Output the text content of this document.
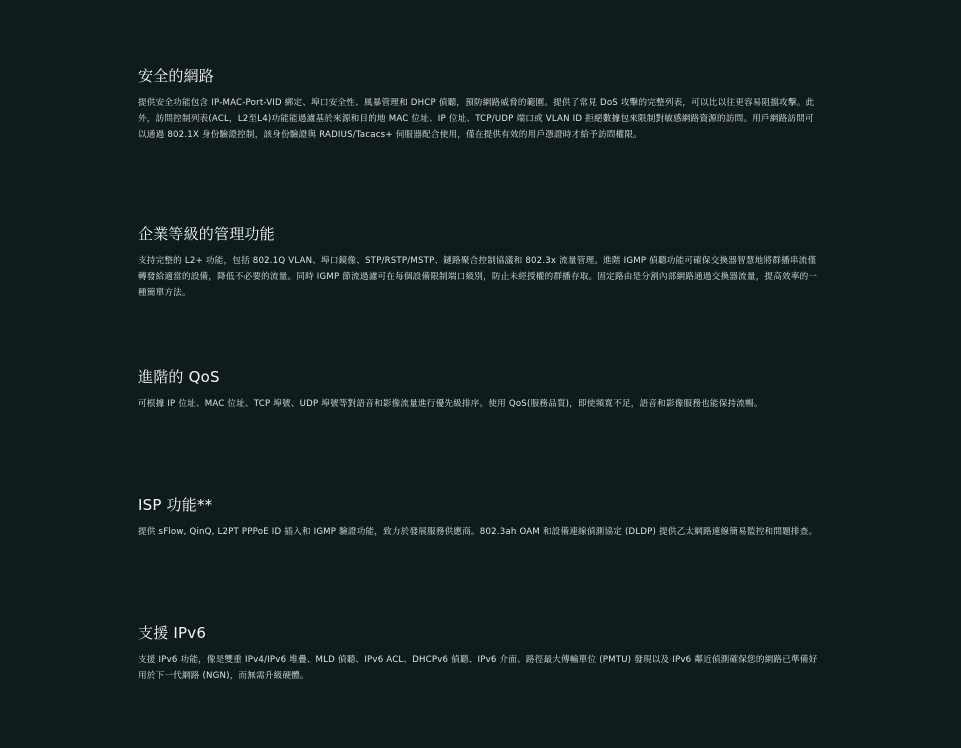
安全的網路

提供安全功能包含 IP-MAC-Port-VID 綁定、埠口安全性、風暴管理和 DHCP 偵聽，預防網路威脅的範圍。提供了常見 DoS 攻擊的完整列表，可以比以往更容易阻擋攻擊。此外，訪問控制列表(ACL，L2至L4)功能能過濾基於來源和目的地 MAC 位址、IP 位址、TCP/UDP 端口或 VLAN ID 拒絕數據包來限制對敏感網路資源的訪問。用戶網路訪問可以通過 802.1X 身份驗證控制，該身份驗證與 RADIUS/Tacacs+ 伺服器配合使用，僅在提供有效的用戶憑證時才給予訪問權限。

企業等級的管理功能

支持完整的 L2+ 功能，包括 802.1Q VLAN、埠口鏡像、STP/RSTP/MSTP、鏈路聚合控制協議和 802.3x 流量管理。進階 IGMP 偵聽功能可確保交換器智慧地將群播串流僅轉發給適當的設備，降低不必要的流量。同時 IGMP 節流過濾可在每個設備限制端口級別，防止未經授權的群播存取。固定路由是分割內部網路通過交換器流量，提高效率的一種簡單方法。

進階的 QoS

可根據 IP 位址、MAC 位址、TCP 埠號、UDP 埠號等對語音和影像流量進行優先級排序。使用 QoS(服務品質)，即使頻寬不足，語音和影像服務也能保持流暢。

ISP 功能**

提供 sFlow, QinQ, L2PT PPPoE ID 插入和 IGMP 驗證功能，致力於發展服務供應商。802.3ah OAM 和設備連線偵測協定 (DLDP) 提供乙太網路連線簡易監控和問題排查。

支援 IPv6

支援 IPv6 功能，像是雙重 IPv4/IPv6 堆疊、MLD 偵聽、IPv6 ACL、DHCPv6 偵聽、IPv6 介面、路徑最大傳輸單位 (PMTU) 發現以及 IPv6 鄰近偵測確保您的網路已準備好用於下一代網路 (NGN)，而無需升級硬體。
